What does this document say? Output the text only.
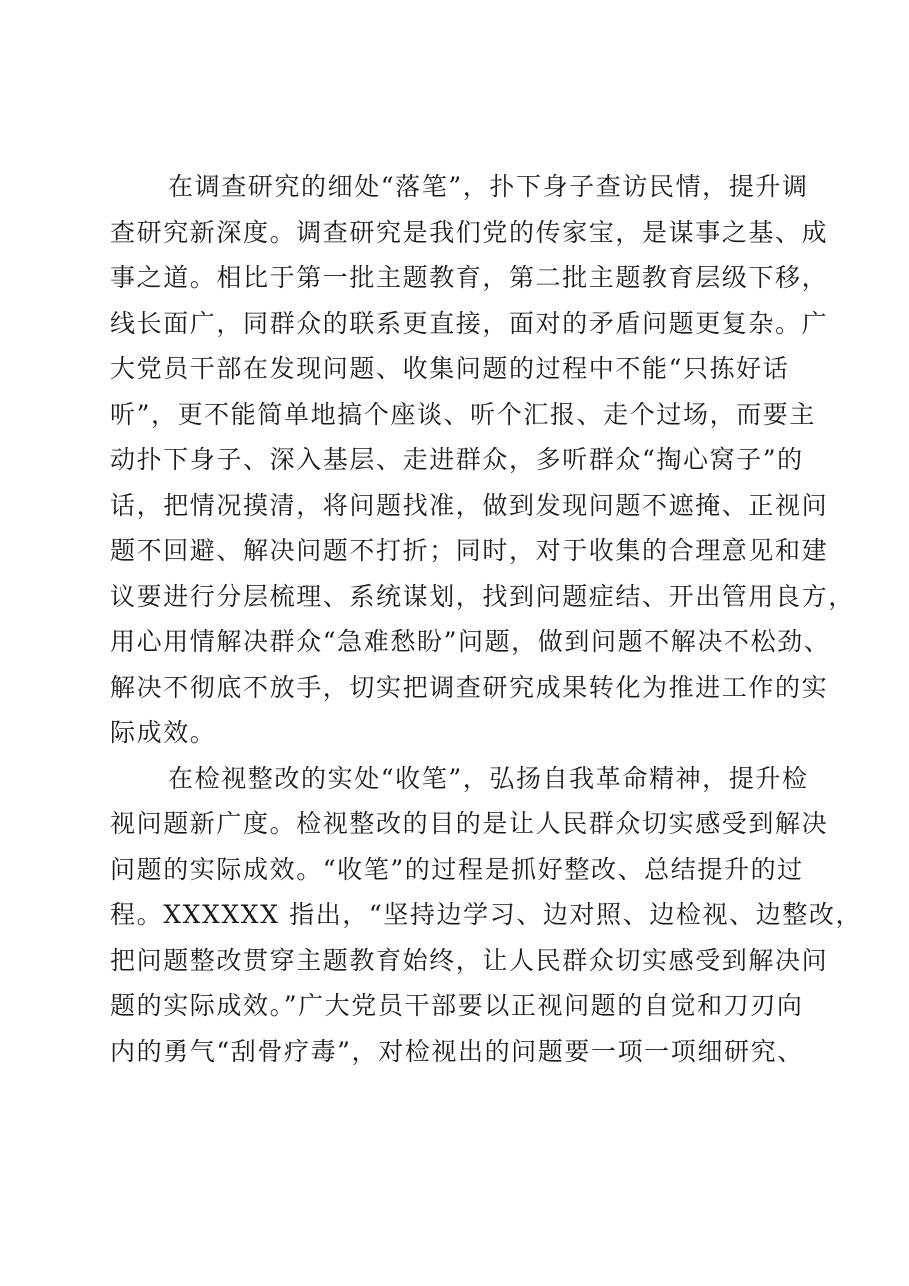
在调查研究的细处“落笔”，扑下身子查访民情，提升调
查研究新深度。调查研究是我们党的传家宝，是谋事之基、成
事之道。相比于第一批主题教育，第二批主题教育层级下移，
线长面广，同群众的联系更直接，面对的矛盾问题更复杂。广
大党员干部在发现问题、收集问题的过程中不能“只拣好话
听”，更不能简单地搞个座谈、听个汇报、走个过场，而要主
动扑下身子、深入基层、走进群众，多听群众“掏心窝子”的
话，把情况摸清，将问题找准，做到发现问题不遮掩、正视问
题不回避、解决问题不打折；同时，对于收集的合理意见和建
议要进行分层梳理、系统谋划，找到问题症结、开出管用良方，
用心用情解决群众“急难愁盼”问题，做到问题不解决不松劲、
解决不彻底不放手，切实把调查研究成果转化为推进工作的实
际成效。
在检视整改的实处“收笔”，弘扬自我革命精神，提升检
视问题新广度。检视整改的目的是让人民群众切实感受到解决
问题的实际成效。“收笔”的过程是抓好整改、总结提升的过
程。XXXXXX 指出，“坚持边学习、边对照、边检视、边整改，
把问题整改贯穿主题教育始终，让人民群众切实感受到解决问
题的实际成效。”广大党员干部要以正视问题的自觉和刀刃向
内的勇气“刮骨疗毒”，对检视出的问题要一项一项细研究、
